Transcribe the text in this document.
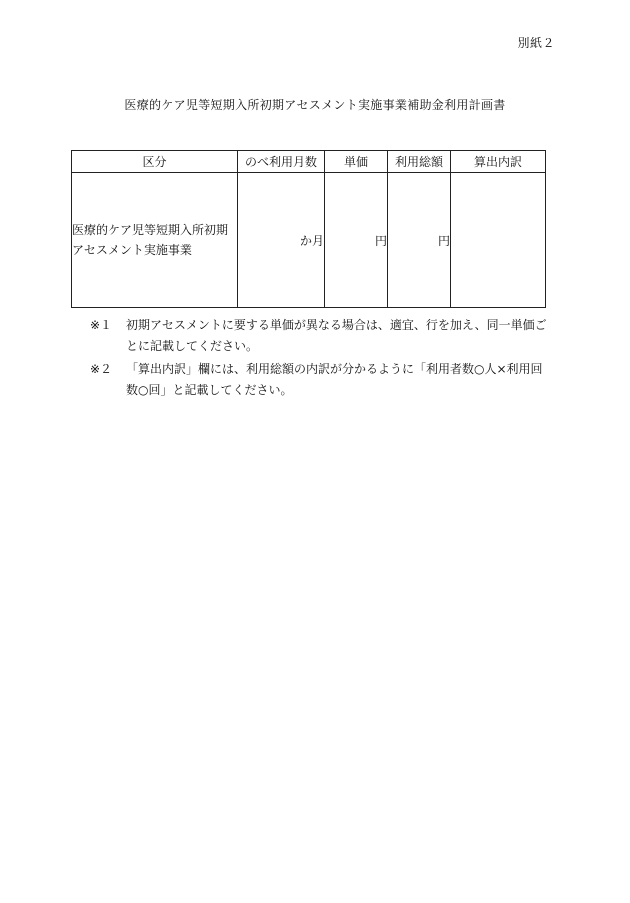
別紙２
医療的ケア児等短期入所初期アセスメント実施事業補助金利用計画書
区分	のべ利用月数	単価	利用総額	算出内訳
医療的ケア児等短期入所初期
アセスメント実施事業	か月	円	円	
※１	初期アセスメントに要する単価が異なる場合は、適宜、行を加え、同一単価ごとに記載してください。
※２	「算出内訳」欄には、利用総額の内訳が分かるように「利用者数○人×利用回数○回」と記載してください。
